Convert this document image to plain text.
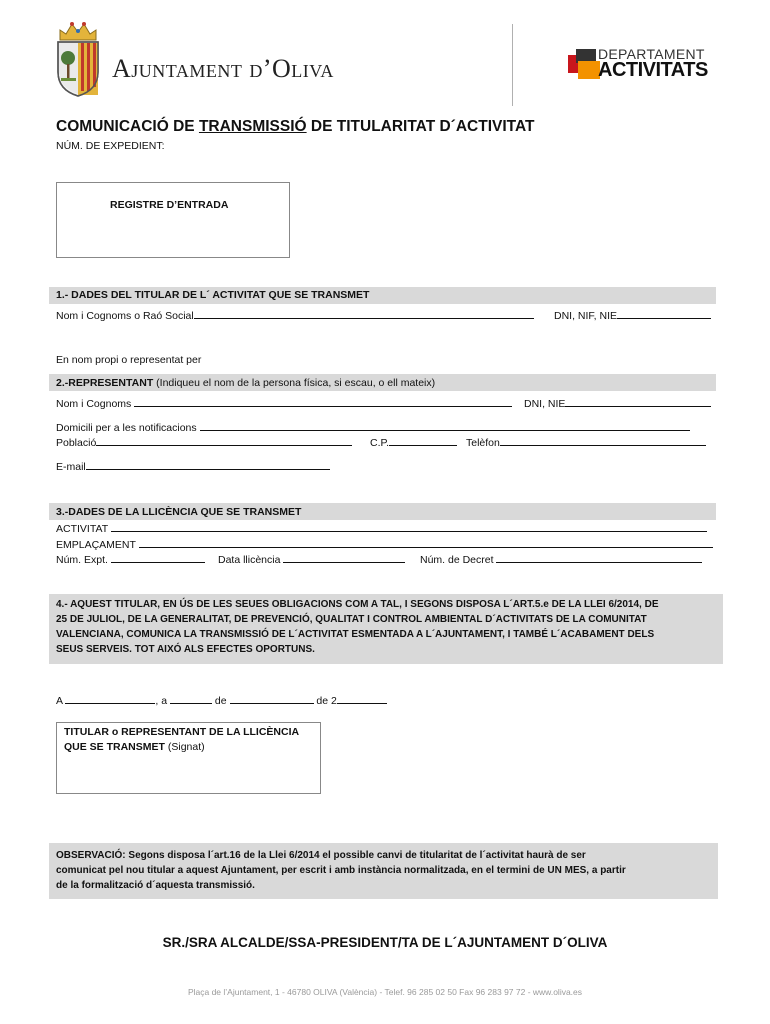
Ajuntament d’Oliva	DEPARTAMENT
ACTIVITATS
COMUNICACIÓ DE TRANSMISSIÓ DE TITULARITAT D´ACTIVITAT
NÚM. DE EXPEDIENT:
REGISTRE D’ENTRADA
1.- DADES DEL TITULAR DE L´ ACTIVITAT QUE SE TRANSMET
Nom i Cognoms o Raó Social	DNI, NIF, NIE
En nom propi o representat per
2.-REPRESENTANT (Indiqueu el nom de la persona física, si escau, o ell mateix)
Nom i Cognoms	DNI, NIE
Domicili per a les notificacions
Població	C.P.	Telèfon
E-mail
3.-DADES DE LA LLICÈNCIA QUE SE TRANSMET
ACTIVITAT
EMPLAÇAMENT
Núm. Expt.	Data llicència	Núm. de Decret
4.- AQUEST TITULAR, EN ÚS DE LES SEUES OBLIGACIONS COM A TAL, I SEGONS DISPOSA L´ART.5.e DE LA LLEI 6/2014, DE
25 DE JULIOL, DE LA GENERALITAT, DE PREVENCIÓ, QUALITAT I CONTROL AMBIENTAL D´ACTIVITATS DE LA COMUNITAT
VALENCIANA, COMUNICA LA TRANSMISSIÓ DE L´ACTIVITAT ESMENTADA A L´AJUNTAMENT, I TAMBÉ L´ACABAMENT DELS
SEUS SERVEIS. TOT AIXÓ ALS EFECTES OPORTUNS.
A	, a	de	de 2
TITULAR o REPRESENTANT DE LA LLICÈNCIA
QUE SE TRANSMET (Signat)
OBSERVACIÓ: Segons disposa l´art.16 de la Llei 6/2014 el possible canvi de titularitat de l´activitat haurà de ser
comunicat pel nou titular a aquest Ajuntament, per escrit i amb instància normalitzada, en el termini de UN MES, a partir
de la formalització d´aquesta transmissió.
SR./SRA ALCALDE/SSA-PRESIDENT/TA DE L´AJUNTAMENT D´OLIVA
Plaça de l’Ajuntament, 1 - 46780 OLIVA (València) - Telef. 96 285 02 50 Fax 96 283 97 72 - www.oliva.es
